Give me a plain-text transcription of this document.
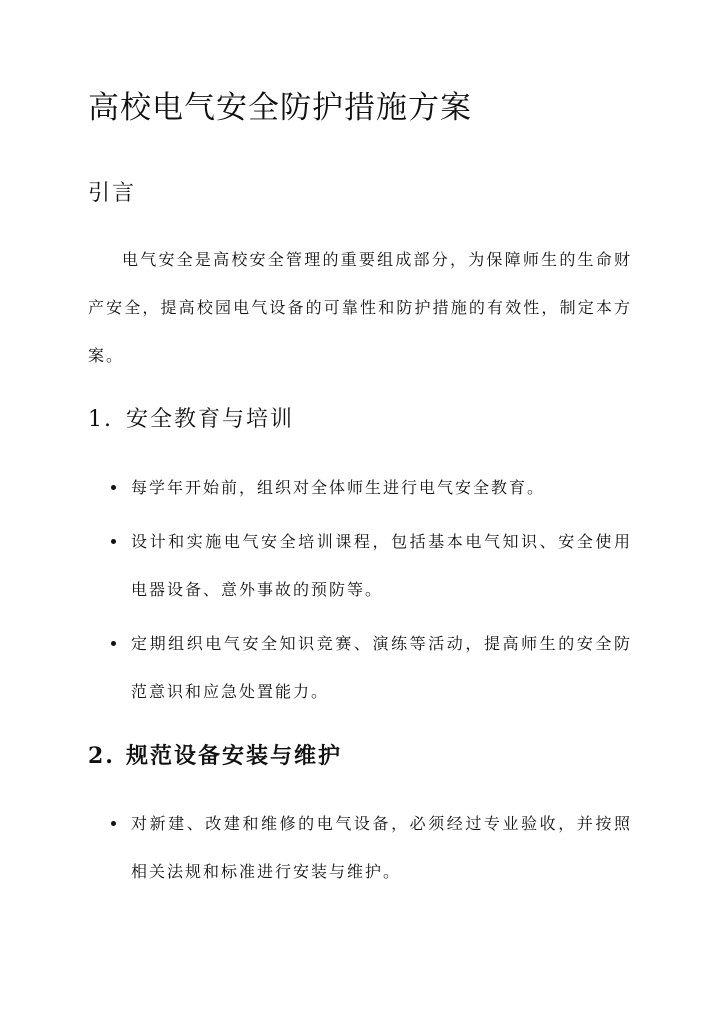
高校电气安全防护措施方案
引言

电气安全是高校安全管理的重要组成部分，为保障师生的生命财产安全，提高校园电气设备的可靠性和防护措施的有效性，制定本方案。

1. 安全教育与培训
每学年开始前，组织对全体师生进行电气安全教育。
设计和实施电气安全培训课程，包括基本电气知识、安全使用电器设备、意外事故的预防等。
定期组织电气安全知识竞赛、演练等活动，提高师生的安全防范意识和应急处置能力。
2. 规范设备安装与维护
对新建、改建和维修的电气设备，必须经过专业验收，并按照相关法规和标准进行安装与维护。
